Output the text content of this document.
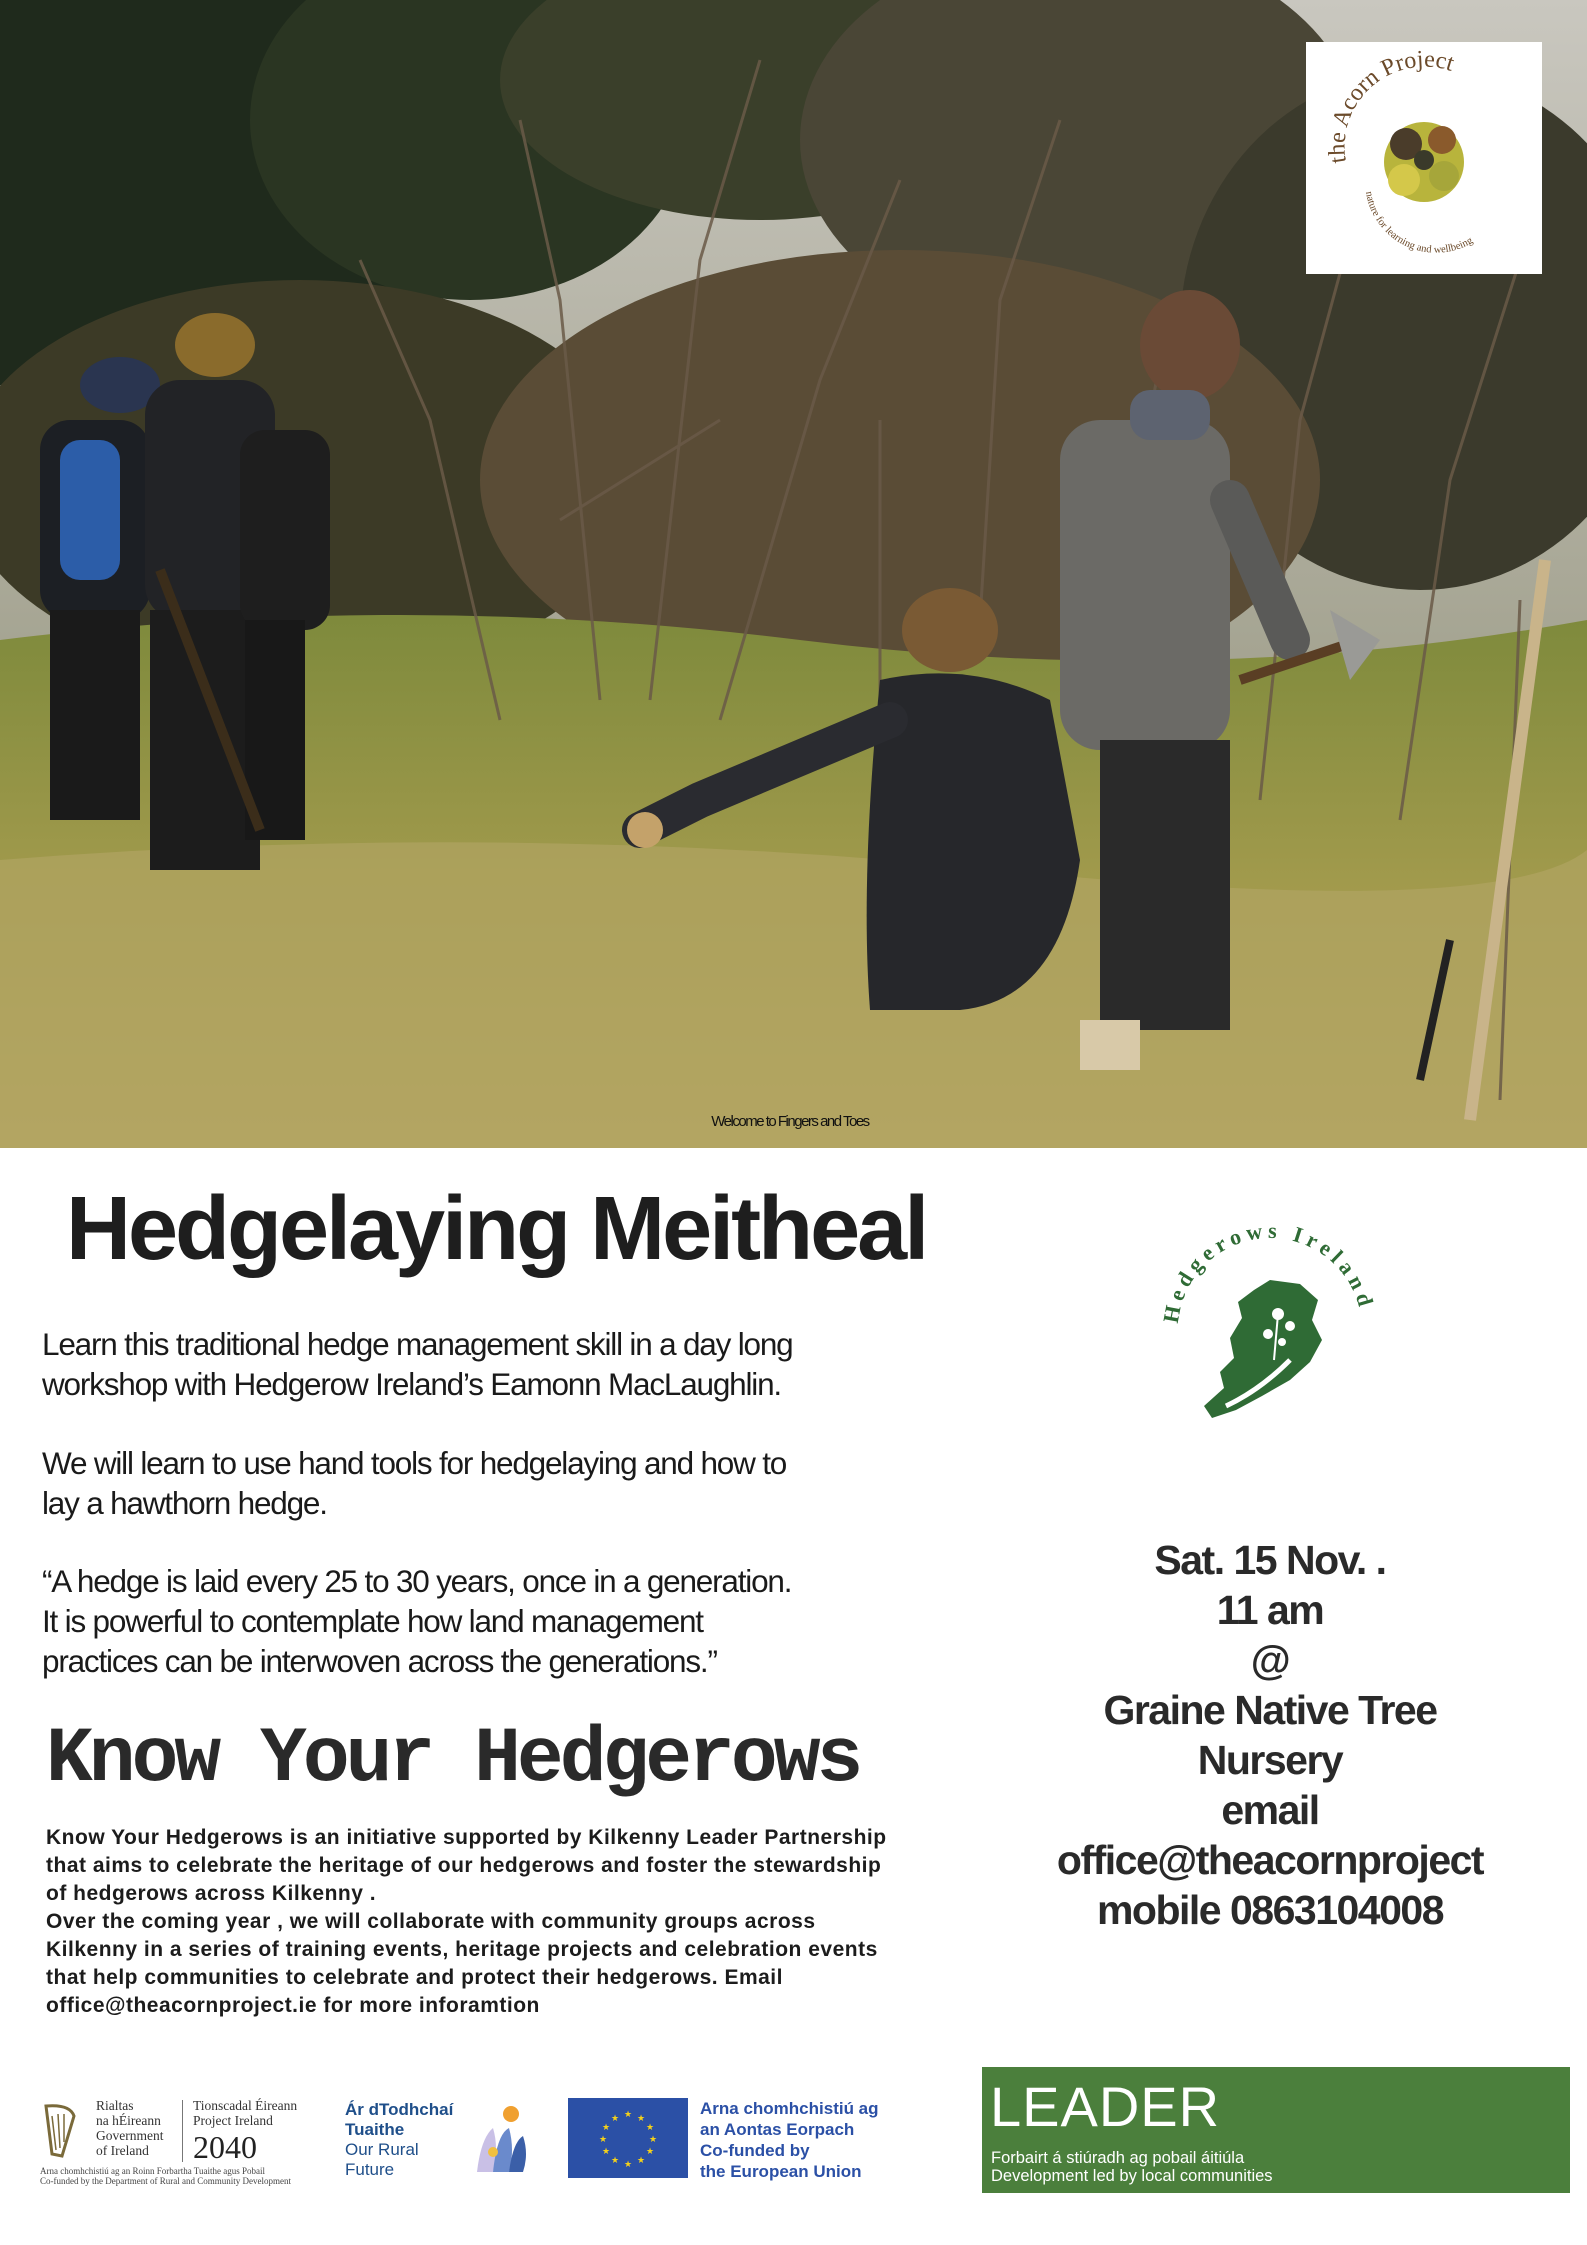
Welcome to Fingers and Toes
the Acorn Project
nature for learning and wellbeing
Hedgelaying Meitheal
Learn this traditional hedge management skill in a day long
workshop with Hedgerow Ireland’s Eamonn MacLaughlin.
We will learn to use hand tools for hedgelaying and how to
lay a hawthorn hedge.
“A hedge is laid every 25 to 30 years, once in a generation.
It is powerful to contemplate how land management
practices can be interwoven across the generations.”
Know Your Hedgerows
Know Your Hedgerows is an initiative supported by Kilkenny Leader Partnership
that aims to celebrate the heritage of our hedgerows and foster the stewardship
of hedgerows across Kilkenny .
Over the coming year , we will collaborate with community groups across
Kilkenny in a series of training events, heritage projects and celebration events
that help communities to celebrate and protect their hedgerows. Email
office@theacornproject.ie for more inforamtion
Hedgerows Ireland
Sat. 15 Nov. .
11 am
@
Graine Native Tree
Nursery
email
office@theacornproject
mobile 0863104008
Rialtas
na hÉireann
Government
of Ireland
Tionscadal Éireann
Project Ireland
2040
Arna chomhchistiú ag an Roinn Forbartha Tuaithe agus Pobail
Co-funded by the Department of Rural and Community Development
Ár dTodhchaí
Tuaithe
Our Rural
Future
★ ★
★
★
★
★
★
★
★
★
★
★
Arna chomhchistiú ag
an Aontas Eorpach
Co-funded by
the European Union
LEADER
Forbairt á stiúradh ag pobail áitiúla
Development led by local communities
